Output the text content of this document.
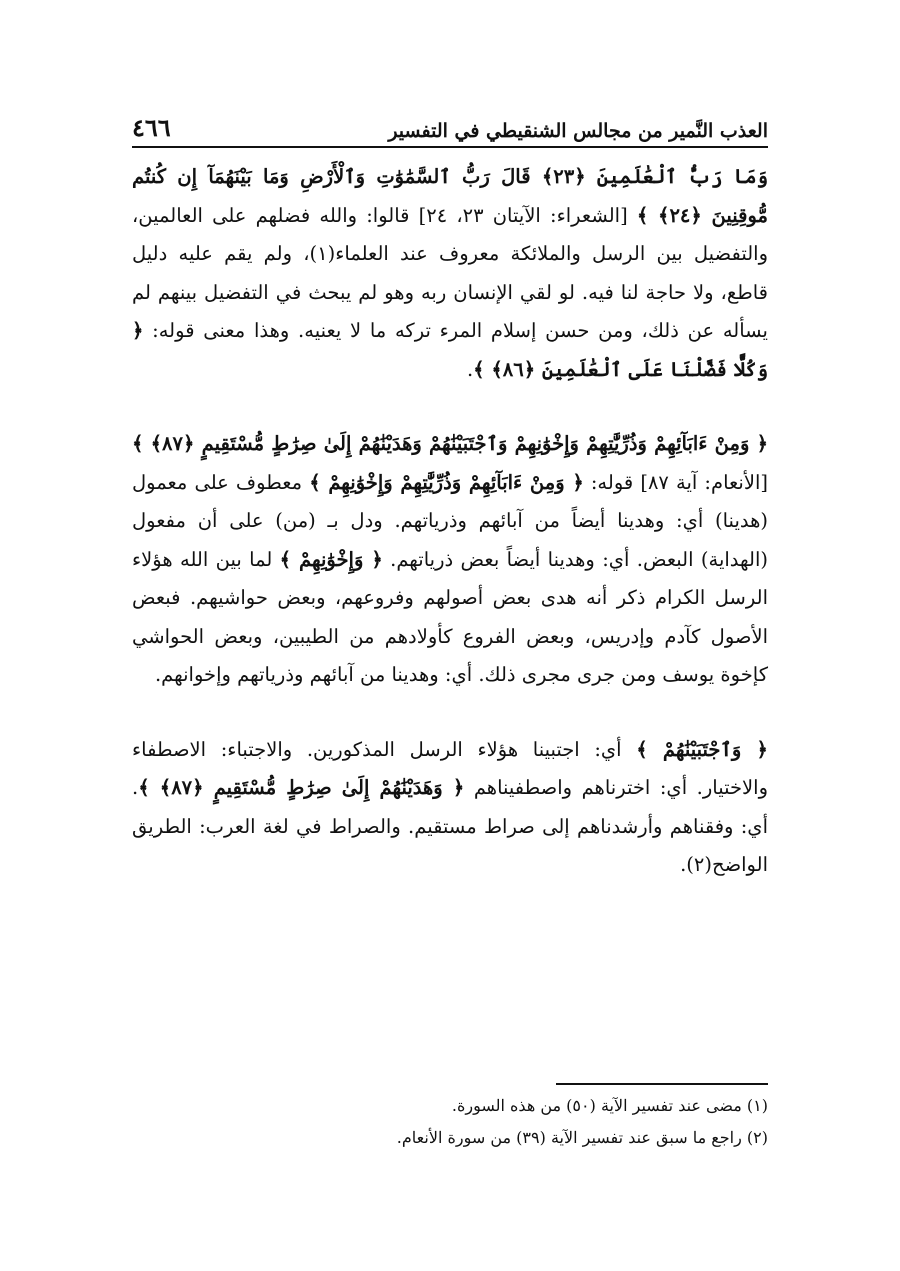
٤٦٦	العذب النَّمير من مجالس الشنقيطي في التفسير

وَمَا رَبُّ ٱلْعَٰلَمِينَ ﴿٢٣﴾ قَالَ رَبُّ ٱلسَّمَٰوَٰتِ وَٱلْأَرْضِ وَمَا بَيْنَهُمَآ إِن كُنتُم مُّوقِنِينَ ﴿٢٤﴾ ﴾ [الشعراء: الآيتان ٢٣، ٢٤] قالوا: والله فضلهم على العالمين، والتفضيل بين الرسل والملائكة معروف عند العلماء(١)، ولم يقم عليه دليل قاطع، ولا حاجة لنا فيه. لو لقي الإنسان ربه وهو لم يبحث في التفضيل بينهم لم يسأله عن ذلك، ومن حسن إسلام المرء تركه ما لا يعنيه. وهذا معنى قوله: ﴿ وَكُلًّا فَضَّلْنَا عَلَى ٱلْعَٰلَمِينَ ﴿٨٦﴾ ﴾.

﴿ وَمِنْ ءَابَآئِهِمْ وَذُرِّيَّٰتِهِمْ وَإِخْوَٰنِهِمْ وَٱجْتَبَيْنَٰهُمْ وَهَدَيْنَٰهُمْ إِلَىٰ صِرَٰطٍ مُّسْتَقِيمٍ ﴿٨٧﴾ ﴾ [الأنعام: آية ٨٧] قوله: ﴿ وَمِنْ ءَابَآئِهِمْ وَذُرِّيَّٰتِهِمْ وَإِخْوَٰنِهِمْ ﴾ معطوف على معمول (هدينا) أي: وهدينا أيضاً من آبائهم وذرياتهم. ودل بـ (من) على أن مفعول (الهداية) البعض. أي: وهدينا أيضاً بعض ذرياتهم. ﴿ وَإِخْوَٰنِهِمْ ﴾ لما بين الله هؤلاء الرسل الكرام ذكر أنه هدى بعض أصولهم وفروعهم، وبعض حواشيهم. فبعض الأصول كآدم وإدريس، وبعض الفروع كأولادهم من الطيبين، وبعض الحواشي كإخوة يوسف ومن جرى مجرى ذلك. أي: وهدينا من آبائهم وذرياتهم وإخوانهم.

﴿ وَٱجْتَبَيْنَٰهُمْ ﴾ أي: اجتبينا هؤلاء الرسل المذكورين. والاجتباء: الاصطفاء والاختيار. أي: اخترناهم واصطفيناهم ﴿ وَهَدَيْنَٰهُمْ إِلَىٰ صِرَٰطٍ مُّسْتَقِيمٍ ﴿٨٧﴾ ﴾. أي: وفقناهم وأرشدناهم إلى صراط مستقيم. والصراط في لغة العرب: الطريق الواضح(٢).

(١) مضى عند تفسير الآية (٥٠) من هذه السورة.
(٢) راجع ما سبق عند تفسير الآية (٣٩) من سورة الأنعام.
